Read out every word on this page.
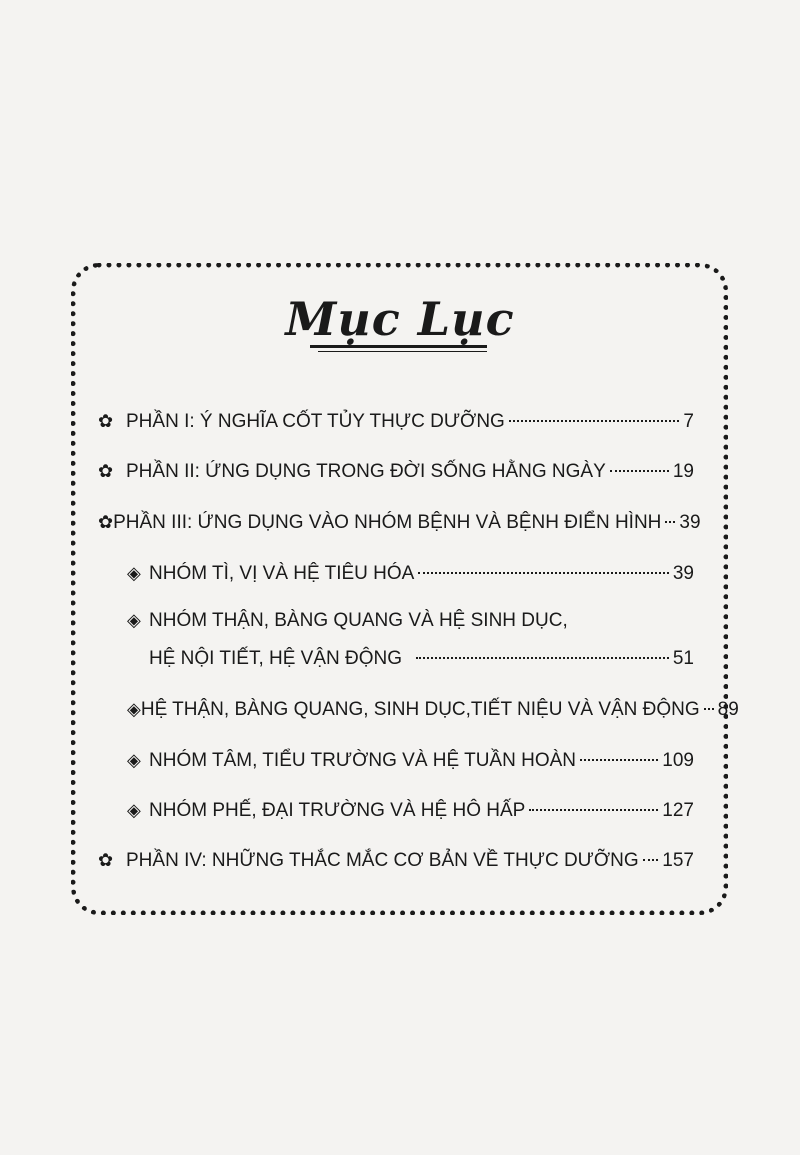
Mục Lục
✿ PHẦN I: Ý NGHĨA CỐT TỦY THỰC DƯỠNG	7
✿ PHẦN II: ỨNG DỤNG TRONG ĐỜI SỐNG HẰNG NGÀY	19
✿ PHẦN III: ỨNG DỤNG VÀO NHÓM BỆNH VÀ BỆNH ĐIỂN HÌNH 39
◈ NHÓM TÌ, VỊ VÀ HỆ TIÊU HÓA	39
◈ NHÓM THẬN, BÀNG QUANG VÀ HỆ SINH DỤC,
HỆ NỘI TIẾT, HỆ VẬN ĐỘNG	51
◈ HỆ THẬN, BÀNG QUANG, SINH DỤC,TIẾT NIỆU VÀ VẬN ĐỘNG 89
◈ NHÓM TÂM, TIỂU TRƯỜNG VÀ HỆ TUẦN HOÀN	109
◈ NHÓM PHẾ, ĐẠI TRƯỜNG VÀ HỆ HÔ HẤP	127
✿ PHẦN IV: NHỮNG THẮC MẮC CƠ BẢN VỀ THỰC DƯỠNG 157
